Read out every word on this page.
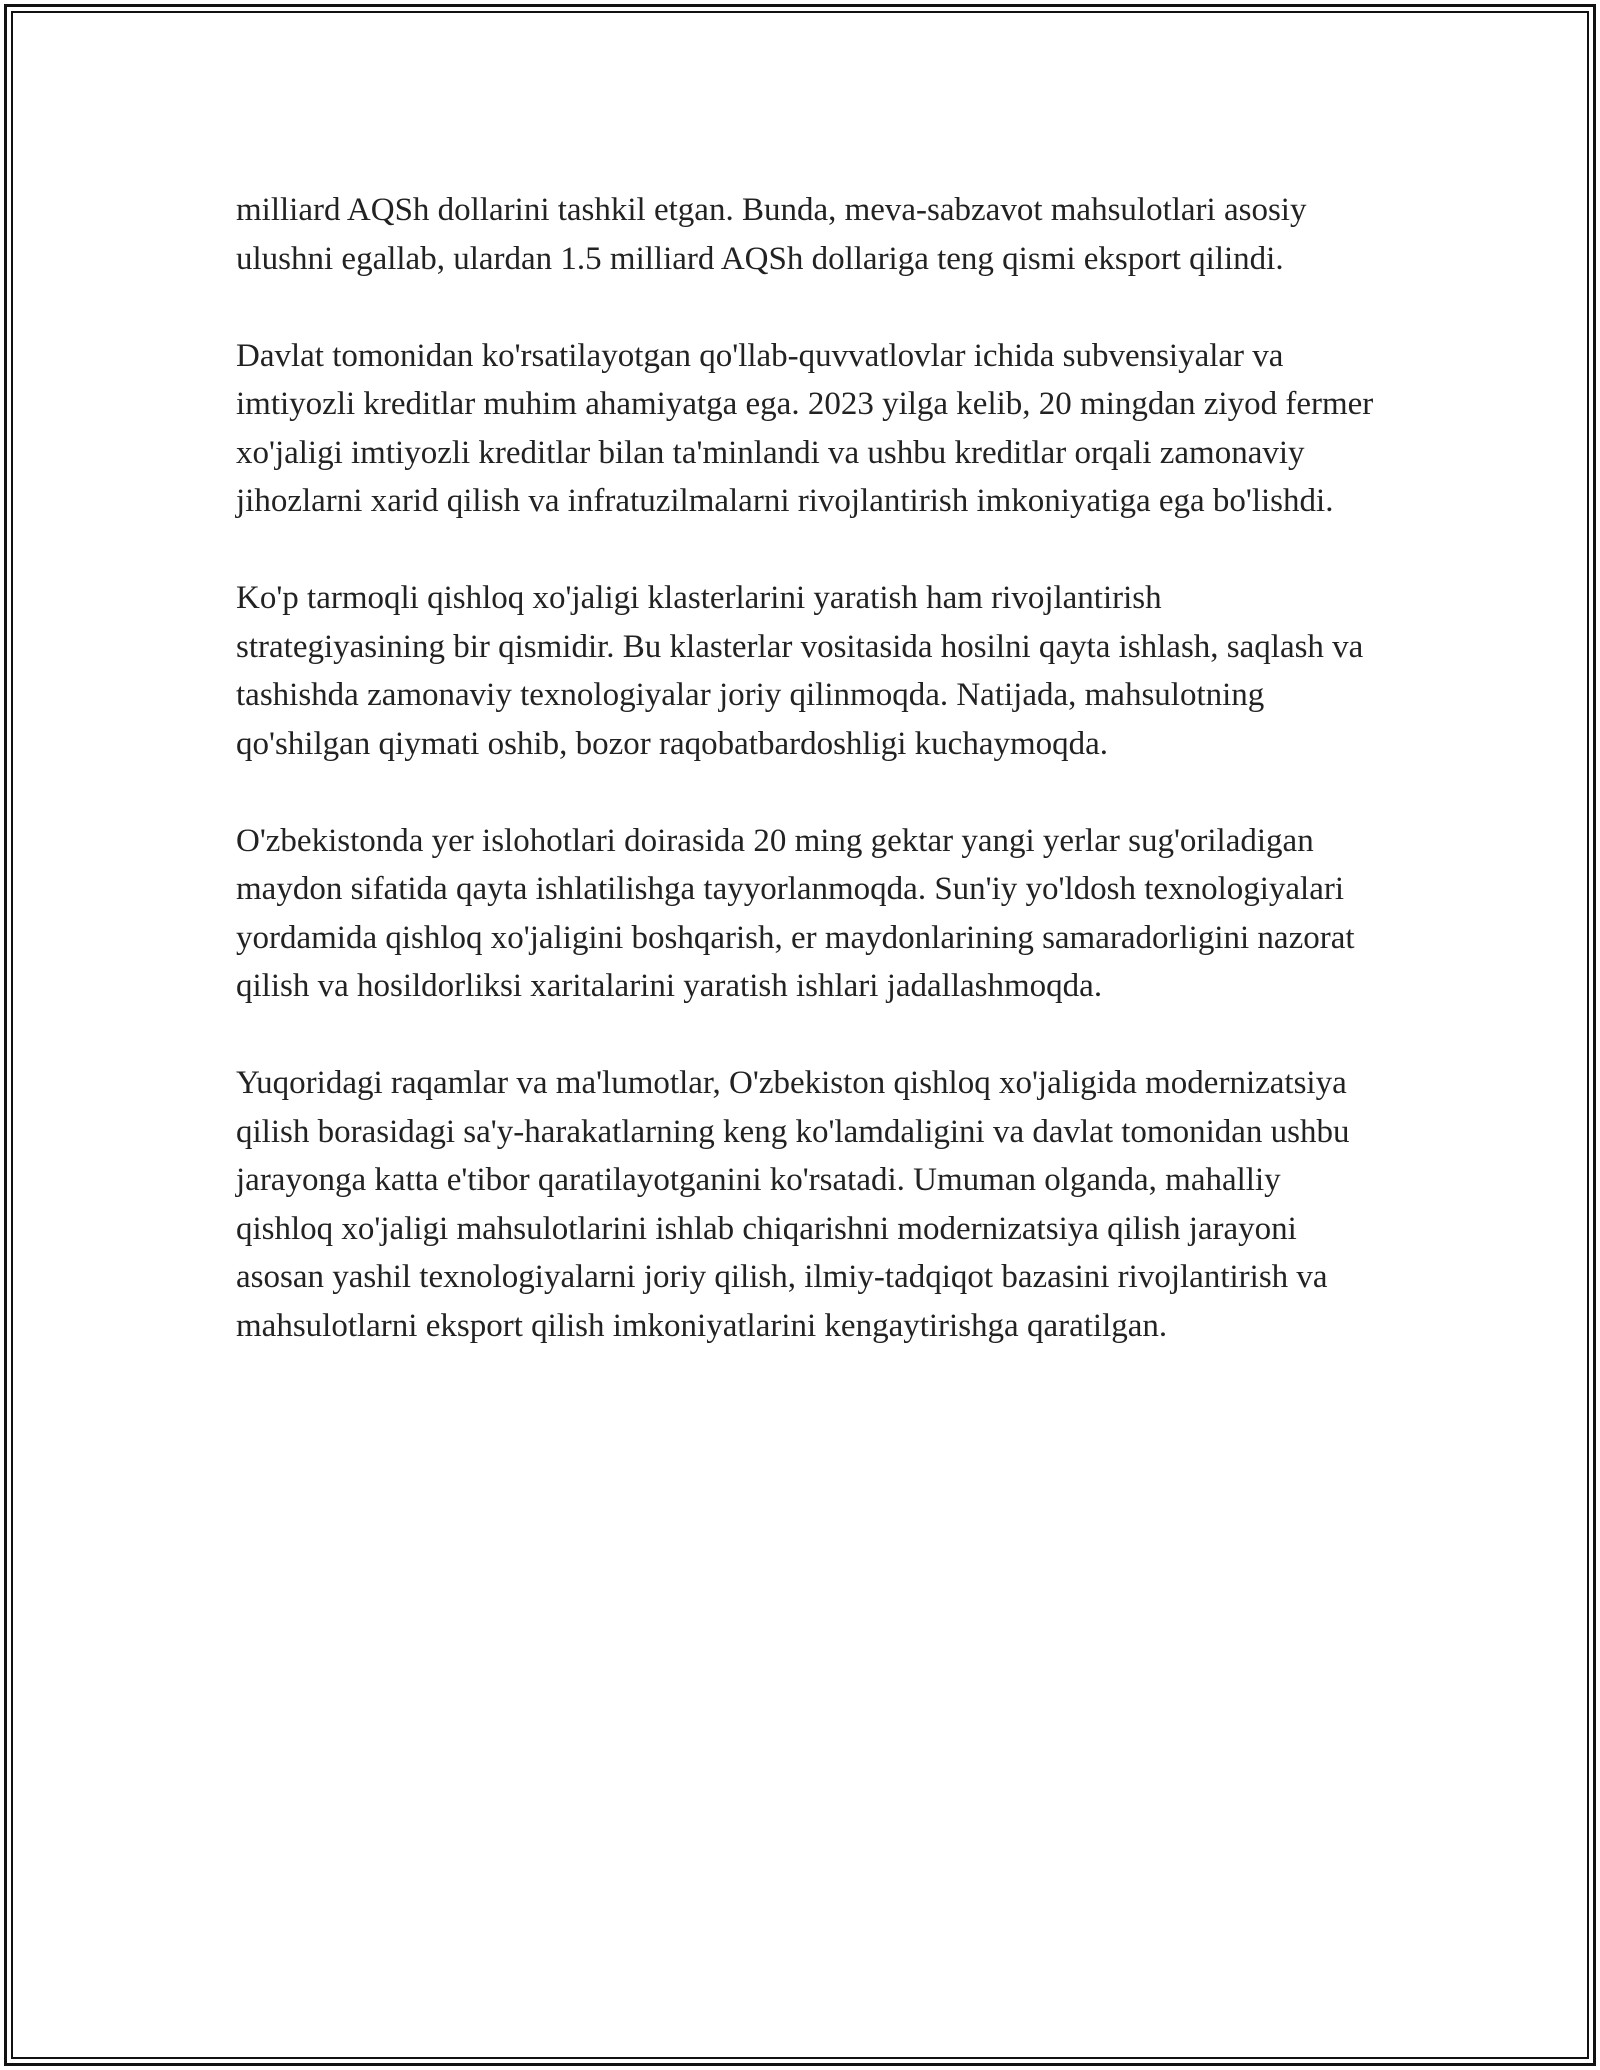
milliard AQSh dollarini tashkil etgan. Bunda, meva-sabzavot mahsulotlari asosiy ulushni egallab, ulardan 1.5 milliard AQSh dollariga teng qismi eksport qilindi.

Davlat tomonidan ko'rsatilayotgan qo'llab-quvvatlovlar ichida subvensiyalar va imtiyozli kreditlar muhim ahamiyatga ega. 2023 yilga kelib, 20 mingdan ziyod fermer xo'jaligi imtiyozli kreditlar bilan ta'minlandi va ushbu kreditlar orqali zamonaviy jihozlarni xarid qilish va infratuzilmalarni rivojlantirish imkoniyatiga ega bo'lishdi.

Ko'p tarmoqli qishloq xo'jaligi klasterlarini yaratish ham rivojlantirish strategiyasining bir qismidir. Bu klasterlar vositasida hosilni qayta ishlash, saqlash va tashishda zamonaviy texnologiyalar joriy qilinmoqda. Natijada, mahsulotning qo'shilgan qiymati oshib, bozor raqobatbardoshligi kuchaymoqda.

O'zbekistonda yer islohotlari doirasida 20 ming gektar yangi yerlar sug'oriladigan maydon sifatida qayta ishlatilishga tayyorlanmoqda. Sun'iy yo'ldosh texnologiyalari yordamida qishloq xo'jaligini boshqarish, er maydonlarining samaradorligini nazorat qilish va hosildorliksi xaritalarini yaratish ishlari jadallashmoqda.

Yuqoridagi raqamlar va ma'lumotlar, O'zbekiston qishloq xo'jaligida modernizatsiya qilish borasidagi sa'y-harakatlarning keng ko'lamdaligini va davlat tomonidan ushbu jarayonga katta e'tibor qaratilayotganini ko'rsatadi. Umuman olganda, mahalliy qishloq xo'jaligi mahsulotlarini ishlab chiqarishni modernizatsiya qilish jarayoni asosan yashil texnologiyalarni joriy qilish, ilmiy-tadqiqot bazasini rivojlantirish va mahsulotlarni eksport qilish imkoniyatlarini kengaytirishga qaratilgan.
